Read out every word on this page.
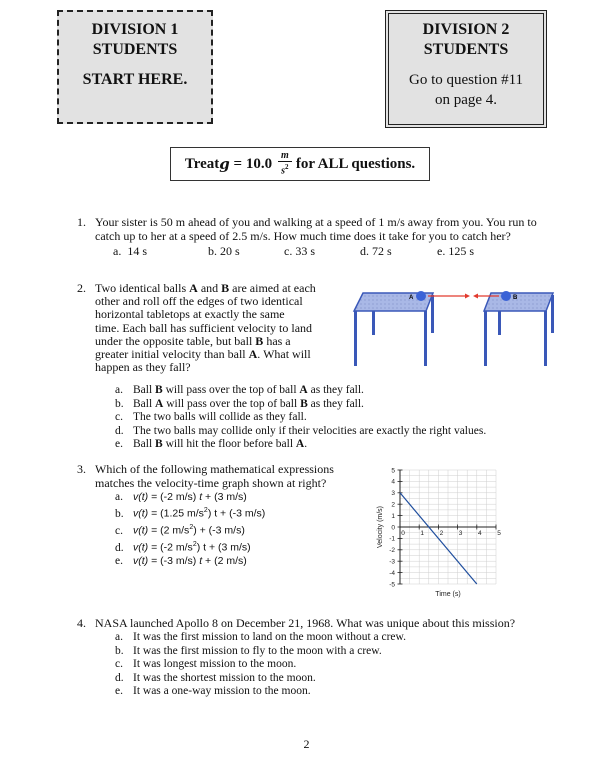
DIVISION 1
STUDENTS
START HERE.
DIVISION 2
STUDENTS
Go to question #11
on page 4.
Treat g = 10.0 m
$s^2$ for ALL questions.
1. Your sister is 50 m ahead of you and walking at a speed of 1 m/s away from you. You run to catch up to her at a speed of 2.5 m/s. How much time does it take for you to catch her?
a. 14 s	b. 20 s	c. 33 s	d. 72 s	e. 125 s
2. Two identical balls A and B are aimed at each
other and roll off the edges of two identical
horizontal tabletops at exactly the same
time. Each ball has sufficient velocity to land
under the opposite table, but ball B has a
greater initial velocity than ball A. What will
happen as they fall?
A	B
a. Ball B will pass over the top of ball A as they fall.
b. Ball A will pass over the top of ball B as they fall.
c. The two balls will collide as they fall.
d. The two balls may collide only if their velocities are exactly the right values.
e. Ball B will hit the floor before ball A.
3. Which of the following mathematical expressions
matches the velocity-time graph shown at right?
a. v(t) = (-2 m/s) t + (3 m/s)
b. v(t) = (1.25 $m/s^2$) t + (-3 m/s)
c. v(t) = (2 $m/s^2) + (-3$ m/s)
d. v(t) = (-2 $m/s^2$) t + (3 m/s)
e. v(t) = (-3 m/s) t + (2 m/s)
0 1 2 3 4 5
5
4
3
2
1
0
-1
-2
-3
-4
-5
Time (s)
Velocity (m/s)
4. NASA launched Apollo 8 on December 21, 1968. What was unique about this mission?
a. It was the first mission to land on the moon without a crew.
b. It was the first mission to fly to the moon with a crew.
c. It was longest mission to the moon.
d. It was the shortest mission to the moon.
e. It was a one-way mission to the moon.
2
